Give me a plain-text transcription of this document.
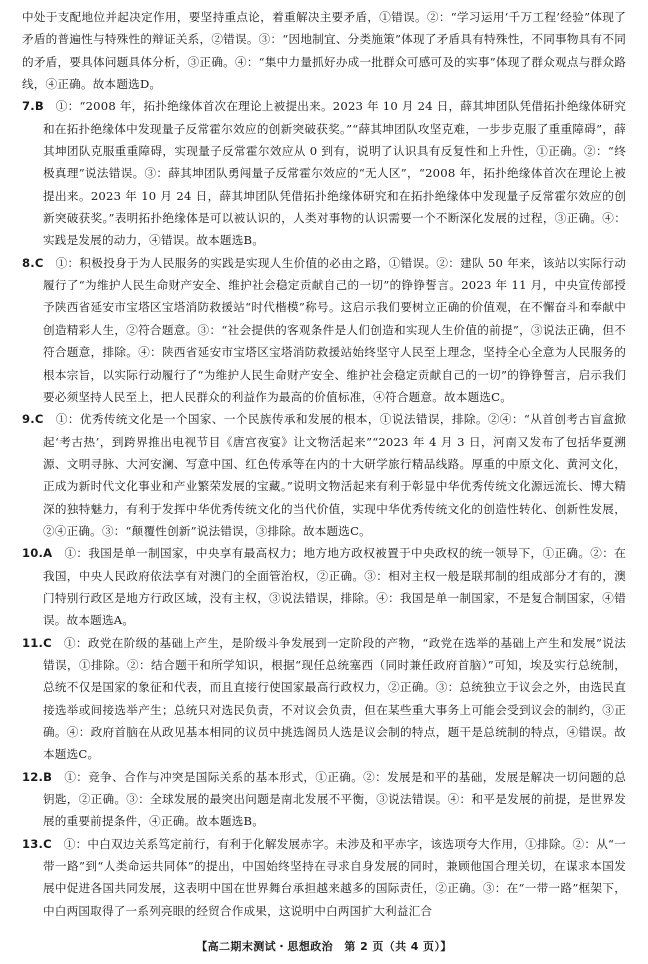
中处于支配地位并起决定作用，要坚持重点论，着重解决主要矛盾，①错误。②：“学习运用‘千万工程’经验”体现了矛盾的普遍性与特殊性的辩证关系，②错误。③：“因地制宜、分类施策”体现了矛盾具有特殊性，不同事物具有不同的矛盾，要具体问题具体分析，③正确。④：“集中力量抓好办成一批群众可感可及的实事”体现了群众观点与群众路线，④正确。故本题选D。

7.B　 ①：“2008 年，拓扑绝缘体首次在理论上被提出来。2023 年 10 月 24 日，薛其坤团队凭借拓扑绝缘体研究和在拓扑绝缘体中发现量子反常霍尔效应的创新突破获奖。”“薛其坤团队攻坚克难，一步步克服了重重障碍”，薛其坤团队克服重重障碍，实现量子反常霍尔效应从 0 到有，说明了认识具有反复性和上升性，①正确。②：“终极真理”说法错误。③：薛其坤团队勇闯量子反常霍尔效应的“无人区”，“2008 年，拓扑绝缘体首次在理论上被提出来。2023 年 10 月 24 日，薛其坤团队凭借拓扑绝缘体研究和在拓扑绝缘体中发现量子反常霍尔效应的创新突破获奖。”表明拓扑绝缘体是可以被认识的，人类对事物的认识需要一个不断深化发展的过程，③正确。④：实践是发展的动力，④错误。故本题选B。

8.C　 ①：积极投身于为人民服务的实践是实现人生价值的必由之路，①错误。②：建队 50 年来，该站以实际行动履行了“为维护人民生命财产安全、维护社会稳定贡献自己的一切”的铮铮誓言。2023 年 11 月，中央宣传部授予陕西省延安市宝塔区宝塔消防救援站“时代楷模”称号。这启示我们要树立正确的价值观，在不懈奋斗和奉献中创造精彩人生，②符合题意。③：“社会提供的客观条件是人们创造和实现人生价值的前提”，③说法正确，但不符合题意，排除。④：陕西省延安市宝塔区宝塔消防救援站始终坚守人民至上理念，坚持全心全意为人民服务的根本宗旨，以实际行动履行了“为维护人民生命财产安全、维护社会稳定贡献自己的一切”的铮铮誓言，启示我们要必须坚持人民至上，把人民群众的利益作为最高的价值标准，④符合题意。故本题选C。

9.C　 ①：优秀传统文化是一个国家、一个民族传承和发展的根本，①说法错误，排除。②④：“从首创考古盲盒掀起‘考古热’，到跨界推出电视节目《唐宫夜宴》让文物活起来”“2023 年 4 月 3 日，河南又发布了包括华夏溯源、文明寻脉、大河安澜、写意中国、红色传承等在内的十大研学旅行精品线路。厚重的中原文化、黄河文化，正成为新时代文化事业和产业繁荣发展的宝藏。”说明文物活起来有利于彰显中华优秀传统文化源远流长、博大精深的独特魅力，有利于发挥中华优秀传统文化的当代价值，实现中华优秀传统文化的创造性转化、创新性发展，②④正确。③：“颠覆性创新”说法错误，③排除。故本题选C。

10.A　 ①：我国是单一制国家，中央享有最高权力；地方地方政权被置于中央政权的统一领导下，①正确。②：在我国，中央人民政府依法享有对澳门的全面管治权，②正确。③：相对主权一般是联邦制的组成部分才有的，澳门特别行政区是地方行政区域，没有主权，③说法错误，排除。④：我国是单一制国家，不是复合制国家，④错误。故本题选A。

11.C　 ①：政党在阶级的基础上产生，是阶级斗争发展到一定阶段的产物，“政党在选举的基础上产生和发展”说法错误，①排除。②：结合题干和所学知识，根据“现任总统塞西（同时兼任政府首脑）”可知，埃及实行总统制，总统不仅是国家的象征和代表，而且直接行使国家最高行政权力，②正确。③：总统独立于议会之外，由选民直接选举或间接选举产生；总统只对选民负责，不对议会负责，但在某些重大事务上可能会受到议会的制约，③正确。④：政府首脑在从政见基本相同的议员中挑选阁员人选是议会制的特点，题干是总统制的特点，④错误。故本题选C。

12.B　 ①：竞争、合作与冲突是国际关系的基本形式，①正确。②：发展是和平的基础，发展是解决一切问题的总钥匙，②正确。③：全球发展的最突出问题是南北发展不平衡，③说法错误。④：和平是发展的前提，是世界发展的重要前提条件，④正确。故本题选B。

13.C　 ①：中白双边关系笃定前行，有利于化解发展赤字。未涉及和平赤字，该选项夸大作用，①排除。②：从“一带一路”到“人类命运共同体”的提出，中国始终坚持在寻求自身发展的同时，兼顾他国合理关切，在谋求本国发展中促进各国共同发展，这表明中国在世界舞台承担越来越多的国际责任，②正确。③：在“一带一路”框架下，中白两国取得了一系列亮眼的经贸合作成果，这说明中白两国扩大利益汇合

【高二期末测试・思想政治　第 2 页（共 4 页）】
